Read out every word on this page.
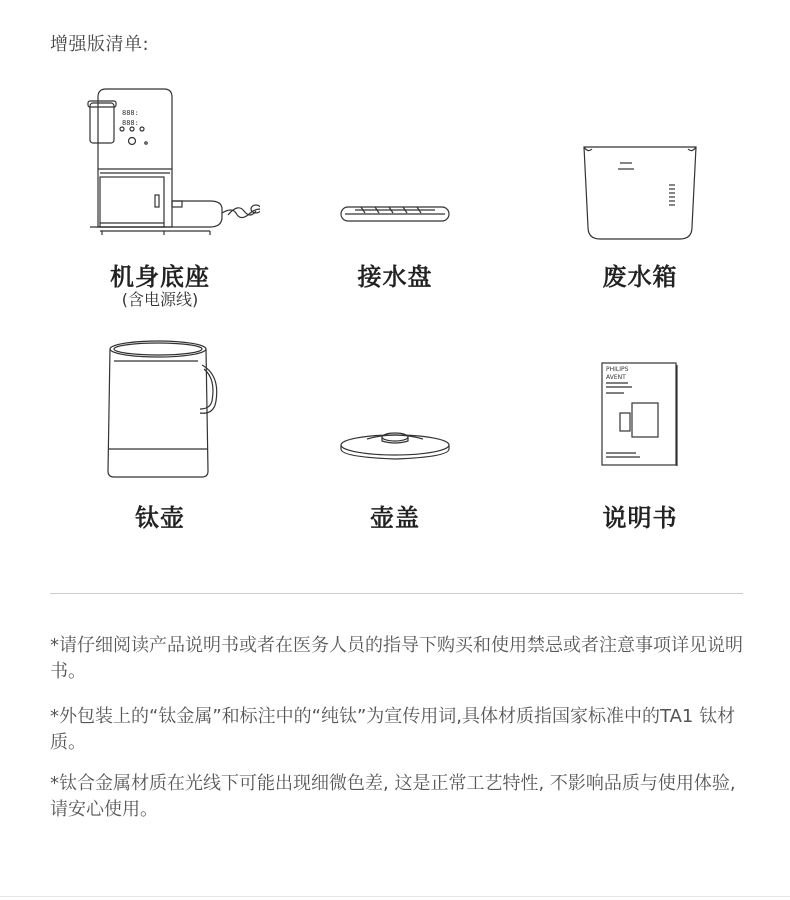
增强版清单:
888:
888:
机身底座
(含电源线)
接水盘	废水箱
钛壶	壶盖
PHILIPS
AVENT
说明书
*请仔细阅读产品说明书或者在医务人员的指导下购买和使用禁忌或者注意事项详见说明书。
*外包装上的“钛金属”和标注中的“纯钛”为宣传用词,具体材质指国家标准中的TA1 钛材质。
*钛合金属材质在光线下可能出现细微色差, 这是正常工艺特性, 不影响品质与使用体验, 请安心使用。
